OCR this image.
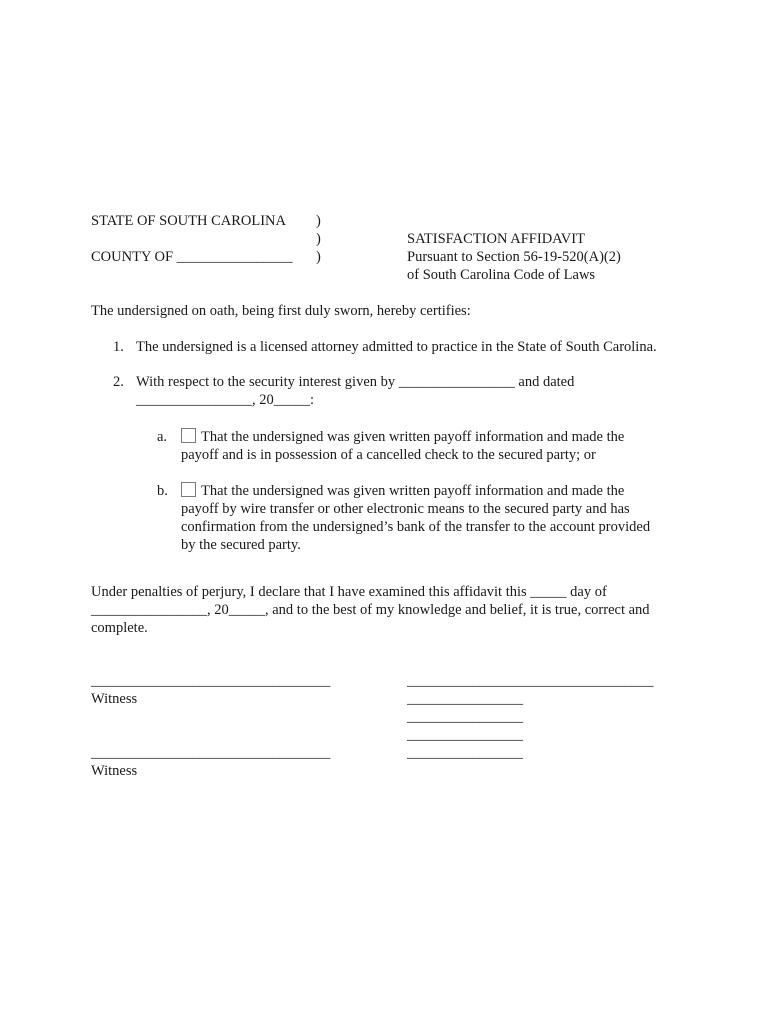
STATE OF SOUTH CAROLINA )
)
)
COUNTY OF ________________
SATISFACTION AFFIDAVIT
Pursuant to Section 56-19-520(A)(2)
of South Carolina Code of Laws
The undersigned on oath, being first duly sworn, hereby certifies:
1. The undersigned is a licensed attorney admitted to practice in the State of South Carolina.
2. With respect to the security interest given by ________________ and dated
________________, 20_____:
a.	That the undersigned was given written payoff information and made the
payoff and is in possession of a cancelled check to the secured party; or
b.	That the undersigned was given written payoff information and made the
payoff by wire transfer or other electronic means to the secured party and has
confirmation from the undersigned’s bank of the transfer to the account provided
by the secured party.
Under penalties of perjury, I declare that I have examined this affidavit this _____ day of
________________, 20_____, and to the best of my knowledge and belief, it is true, correct and
complete.
_________________________________
Witness
_________________________________
Witness
__________________________________
________________
________________
________________
________________
